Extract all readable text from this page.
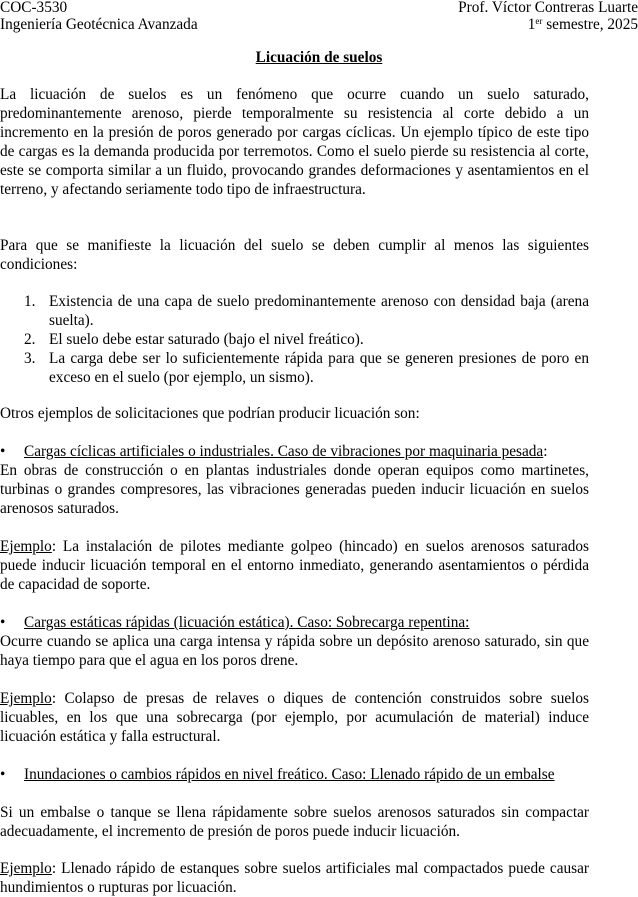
COC-3530	Prof. Víctor Contreras Luarte
Ingeniería Geotécnica Avanzada	1er semestre, 2025
Licuación de suelos
La licuación de suelos es un fenómeno que ocurre cuando un suelo saturado, predominantemente arenoso, pierde temporalmente su resistencia al corte debido a un incremento en la presión de poros generado por cargas cíclicas. Un ejemplo típico de este tipo de cargas es la demanda producida por terremotos. Como el suelo pierde su resistencia al corte, este se comporta similar a un fluido, provocando grandes deformaciones y asentamientos en el terreno, y afectando seriamente todo tipo de infraestructura.
Para que se manifieste la licuación del suelo se deben cumplir al menos las siguientes condiciones:
1. Existencia de una capa de suelo predominantemente arenoso con densidad baja (arena suelta).
2. El suelo debe estar saturado (bajo el nivel freático).
3. La carga debe ser lo suficientemente rápida para que se generen presiones de poro en exceso en el suelo (por ejemplo, un sismo).
Otros ejemplos de solicitaciones que podrían producir licuación son:
• Cargas cíclicas artificiales o industriales. Caso de vibraciones por maquinaria pesada:
En obras de construcción o en plantas industriales donde operan equipos como martinetes, turbinas o grandes compresores, las vibraciones generadas pueden inducir licuación en suelos arenosos saturados.
Ejemplo: La instalación de pilotes mediante golpeo (hincado) en suelos arenosos saturados puede inducir licuación temporal en el entorno inmediato, generando asentamientos o pérdida de capacidad de soporte.
• Cargas estáticas rápidas (licuación estática). Caso: Sobrecarga repentina:
Ocurre cuando se aplica una carga intensa y rápida sobre un depósito arenoso saturado, sin que haya tiempo para que el agua en los poros drene.
Ejemplo: Colapso de presas de relaves o diques de contención construidos sobre suelos licuables, en los que una sobrecarga (por ejemplo, por acumulación de material) induce licuación estática y falla estructural.
• Inundaciones o cambios rápidos en nivel freático. Caso: Llenado rápido de un embalse
Si un embalse o tanque se llena rápidamente sobre suelos arenosos saturados sin compactar adecuadamente, el incremento de presión de poros puede inducir licuación.
Ejemplo: Llenado rápido de estanques sobre suelos artificiales mal compactados puede causar hundimientos o rupturas por licuación.
